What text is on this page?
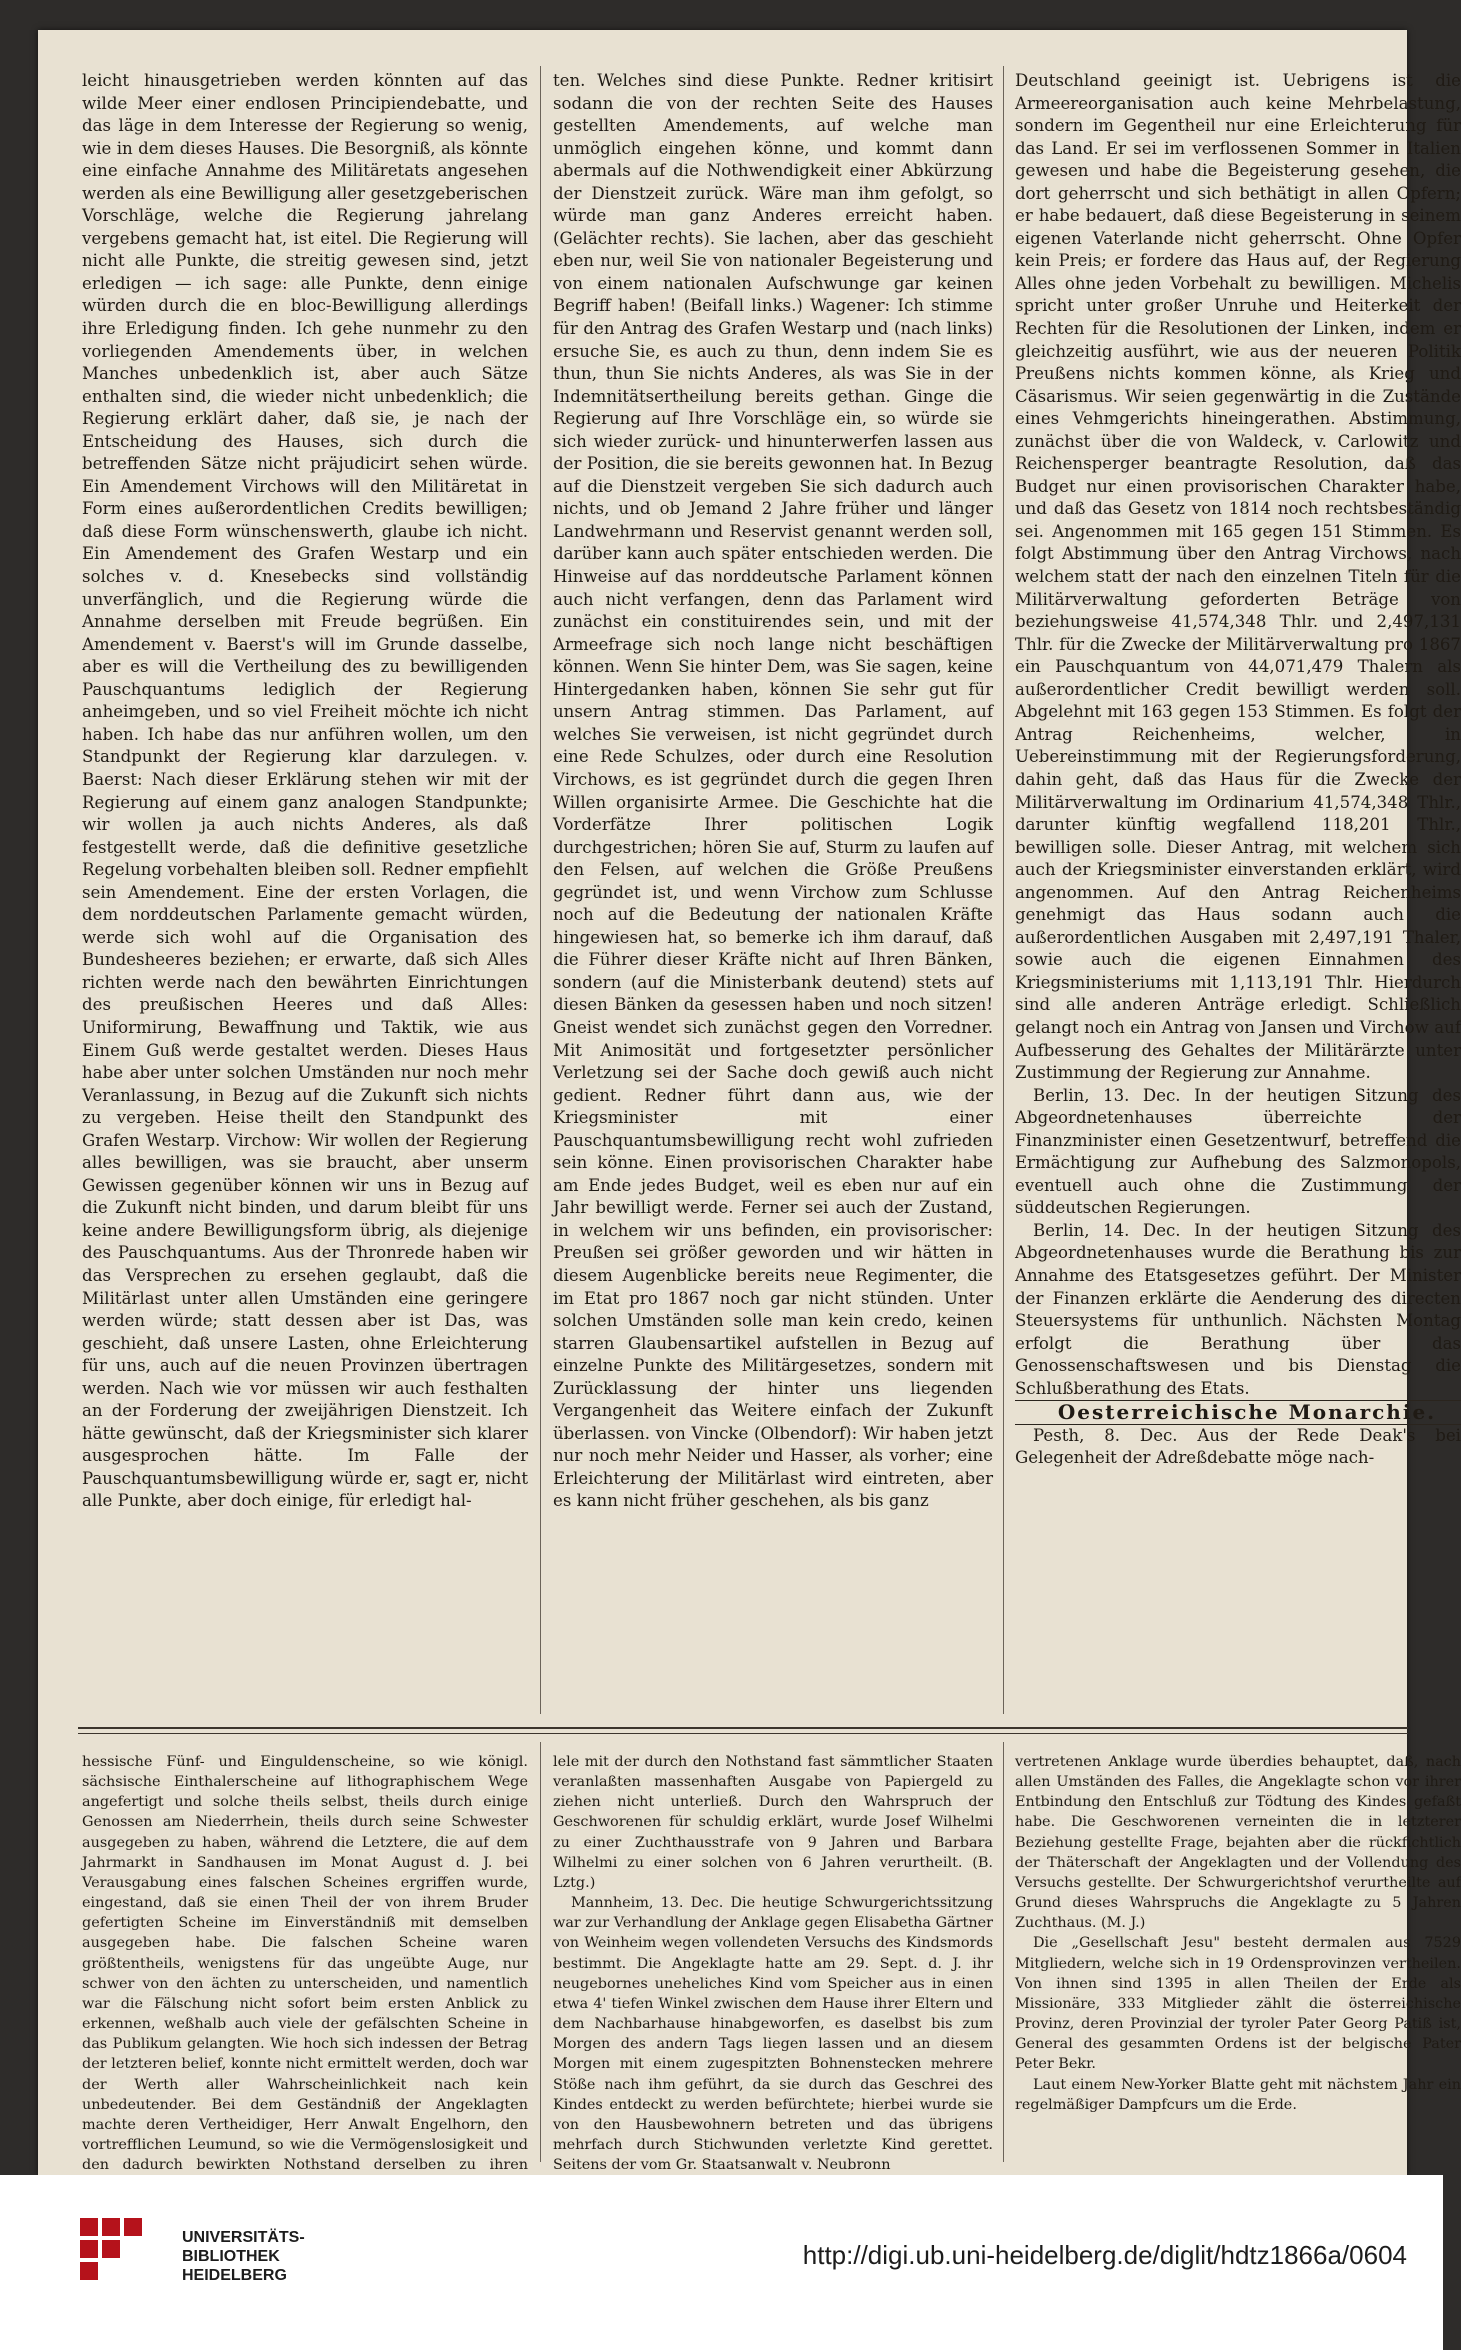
leicht hinausgetrieben werden könnten auf das wilde Meer einer endlosen Principiendebatte, und das läge in dem Interesse der Regierung so wenig, wie in dem dieses Hauses. Die Besorgniß, als könnte eine einfache Annahme des Militäretats angesehen werden als eine Bewilligung aller gesetzgeberischen Vorschläge, welche die Regierung jahrelang vergebens gemacht hat, ist eitel. Die Regierung will nicht alle Punkte, die streitig gewesen sind, jetzt erledigen — ich sage: alle Punkte, denn einige würden durch die en bloc-Bewilligung allerdings ihre Erledigung finden. Ich gehe nunmehr zu den vorliegenden Amendements über, in welchen Manches unbedenklich ist, aber auch Sätze enthalten sind, die wieder nicht unbedenklich; die Regierung erklärt daher, daß sie, je nach der Entscheidung des Hauses, sich durch die betreffenden Sätze nicht präjudicirt sehen würde. Ein Amendement Virchows will den Militäretat in Form eines außerordentlichen Credits bewilligen; daß diese Form wünschenswerth, glaube ich nicht. Ein Amendement des Grafen Westarp und ein solches v. d. Knesebecks sind vollständig unverfänglich, und die Regierung würde die Annahme derselben mit Freude begrüßen. Ein Amendement v. Baerst's will im Grunde dasselbe, aber es will die Vertheilung des zu bewilligenden Pauschquantums lediglich der Regierung anheimgeben, und so viel Freiheit möchte ich nicht haben. Ich habe das nur anführen wollen, um den Standpunkt der Regierung klar darzulegen. v. Baerst: Nach dieser Erklärung stehen wir mit der Regierung auf einem ganz analogen Standpunkte; wir wollen ja auch nichts Anderes, als daß festgestellt werde, daß die definitive gesetzliche Regelung vorbehalten bleiben soll. Redner empfiehlt sein Amendement. Eine der ersten Vorlagen, die dem norddeutschen Parlamente gemacht würden, werde sich wohl auf die Organisation des Bundesheeres beziehen; er erwarte, daß sich Alles richten werde nach den bewährten Einrichtungen des preußischen Heeres und daß Alles: Uniformirung, Bewaffnung und Taktik, wie aus Einem Guß werde gestaltet werden. Dieses Haus habe aber unter solchen Umständen nur noch mehr Veranlassung, in Bezug auf die Zukunft sich nichts zu vergeben. Heise theilt den Standpunkt des Grafen Westarp. Virchow: Wir wollen der Regierung alles bewilligen, was sie braucht, aber unserm Gewissen gegenüber können wir uns in Bezug auf die Zukunft nicht binden, und darum bleibt für uns keine andere Bewilligungsform übrig, als diejenige des Pauschquantums. Aus der Thronrede haben wir das Versprechen zu ersehen geglaubt, daß die Militärlast unter allen Umständen eine geringere werden würde; statt dessen aber ist Das, was geschieht, daß unsere Lasten, ohne Erleichterung für uns, auch auf die neuen Provinzen übertragen werden. Nach wie vor müssen wir auch festhalten an der Forderung der zweijährigen Dienstzeit. Ich hätte gewünscht, daß der Kriegsminister sich klarer ausgesprochen hätte. Im Falle der Pauschquantumsbewilligung würde er, sagt er, nicht alle Punkte, aber doch einige, für erledigt hal-

ten. Welches sind diese Punkte. Redner kritisirt sodann die von der rechten Seite des Hauses gestellten Amendements, auf welche man unmöglich eingehen könne, und kommt dann abermals auf die Nothwendigkeit einer Abkürzung der Dienstzeit zurück. Wäre man ihm gefolgt, so würde man ganz Anderes erreicht haben. (Gelächter rechts). Sie lachen, aber das geschieht eben nur, weil Sie von nationaler Begeisterung und von einem nationalen Aufschwunge gar keinen Begriff haben! (Beifall links.) Wagener: Ich stimme für den Antrag des Grafen Westarp und (nach links) ersuche Sie, es auch zu thun, denn indem Sie es thun, thun Sie nichts Anderes, als was Sie in der Indemnitätsertheilung bereits gethan. Ginge die Regierung auf Ihre Vorschläge ein, so würde sie sich wieder zurück- und hinunterwerfen lassen aus der Position, die sie bereits gewonnen hat. In Bezug auf die Dienstzeit vergeben Sie sich dadurch auch nichts, und ob Jemand 2 Jahre früher und länger Landwehrmann und Reservist genannt werden soll, darüber kann auch später entschieden werden. Die Hinweise auf das norddeutsche Parlament können auch nicht verfangen, denn das Parlament wird zunächst ein constituirendes sein, und mit der Armeefrage sich noch lange nicht beschäftigen können. Wenn Sie hinter Dem, was Sie sagen, keine Hintergedanken haben, können Sie sehr gut für unsern Antrag stimmen. Das Parlament, auf welches Sie verweisen, ist nicht gegründet durch eine Rede Schulzes, oder durch eine Resolution Virchows, es ist gegründet durch die gegen Ihren Willen organisirte Armee. Die Geschichte hat die Vorderfätze Ihrer politischen Logik durchgestrichen; hören Sie auf, Sturm zu laufen auf den Felsen, auf welchen die Größe Preußens gegründet ist, und wenn Virchow zum Schlusse noch auf die Bedeutung der nationalen Kräfte hingewiesen hat, so bemerke ich ihm darauf, daß die Führer dieser Kräfte nicht auf Ihren Bänken, sondern (auf die Ministerbank deutend) stets auf diesen Bänken da gesessen haben und noch sitzen! Gneist wendet sich zunächst gegen den Vorredner. Mit Animosität und fortgesetzter persönlicher Verletzung sei der Sache doch gewiß auch nicht gedient. Redner führt dann aus, wie der Kriegsminister mit einer Pauschquantumsbewilligung recht wohl zufrieden sein könne. Einen provisorischen Charakter habe am Ende jedes Budget, weil es eben nur auf ein Jahr bewilligt werde. Ferner sei auch der Zustand, in welchem wir uns befinden, ein provisorischer: Preußen sei größer geworden und wir hätten in diesem Augenblicke bereits neue Regimenter, die im Etat pro 1867 noch gar nicht stünden. Unter solchen Umständen solle man kein credo, keinen starren Glaubensartikel aufstellen in Bezug auf einzelne Punkte des Militärgesetzes, sondern mit Zurücklassung der hinter uns liegenden Vergangenheit das Weitere einfach der Zukunft überlassen. von Vincke (Olbendorf): Wir haben jetzt nur noch mehr Neider und Hasser, als vorher; eine Erleichterung der Militärlast wird eintreten, aber es kann nicht früher geschehen, als bis ganz

Deutschland geeinigt ist. Uebrigens ist die Armeereorganisation auch keine Mehrbelastung, sondern im Gegentheil nur eine Erleichterung für das Land. Er sei im verflossenen Sommer in Italien gewesen und habe die Begeisterung gesehen, die dort geherrscht und sich bethätigt in allen Opfern; er habe bedauert, daß diese Begeisterung in seinem eigenen Vaterlande nicht geherrscht. Ohne Opfer kein Preis; er fordere das Haus auf, der Regierung Alles ohne jeden Vorbehalt zu bewilligen. Michelis spricht unter großer Unruhe und Heiterkeit der Rechten für die Resolutionen der Linken, indem er gleichzeitig ausführt, wie aus der neueren Politik Preußens nichts kommen könne, als Krieg und Cäsarismus. Wir seien gegenwärtig in die Zustände eines Vehmgerichts hineingerathen. Abstimmung, zunächst über die von Waldeck, v. Carlowitz und Reichensperger beantragte Resolution, daß das Budget nur einen provisorischen Charakter habe, und daß das Gesetz von 1814 noch rechtsbeständig sei. Angenommen mit 165 gegen 151 Stimmen. Es folgt Abstimmung über den Antrag Virchows, nach welchem statt der nach den einzelnen Titeln für die Militärverwaltung geforderten Beträge von beziehungsweise 41,574,348 Thlr. und 2,497,131 Thlr. für die Zwecke der Militärverwaltung pro 1867 ein Pauschquantum von 44,071,479 Thalern als außerordentlicher Credit bewilligt werden soll. Abgelehnt mit 163 gegen 153 Stimmen. Es folgt der Antrag Reichenheims, welcher, in Uebereinstimmung mit der Regierungsforderung, dahin geht, daß das Haus für die Zwecke der Militärverwaltung im Ordinarium 41,574,348 Thlr., darunter künftig wegfallend 118,201 Thlr., bewilligen solle. Dieser Antrag, mit welchem sich auch der Kriegsminister einverstanden erklärt, wird angenommen. Auf den Antrag Reichenheims genehmigt das Haus sodann auch die außerordentlichen Ausgaben mit 2,497,191 Thaler, sowie auch die eigenen Einnahmen des Kriegsministeriums mit 1,113,191 Thlr. Hierdurch sind alle anderen Anträge erledigt. Schließlich gelangt noch ein Antrag von Jansen und Virchow auf Aufbesserung des Gehaltes der Militärärzte unter Zustimmung der Regierung zur Annahme.

Berlin, 13. Dec. In der heutigen Sitzung des Abgeordnetenhauses überreichte der Finanzminister einen Gesetzentwurf, betreffend die Ermächtigung zur Aufhebung des Salzmonopols, eventuell auch ohne die Zustimmung der süddeutschen Regierungen.

Berlin, 14. Dec. In der heutigen Sitzung des Abgeordnetenhauses wurde die Berathung bis zur Annahme des Etatsgesetzes geführt. Der Minister der Finanzen erklärte die Aenderung des directen Steuersystems für unthunlich. Nächsten Montag erfolgt die Berathung über das Genossenschaftswesen und bis Dienstag die Schlußberathung des Etats.

Oesterreichische Monarchie.

Pesth, 8. Dec. Aus der Rede Deak's bei Gelegenheit der Adreßdebatte möge nach-

hessische Fünf- und Einguldenscheine, so wie königl. sächsische Einthalerscheine auf lithographischem Wege angefertigt und solche theils selbst, theils durch einige Genossen am Niederrhein, theils durch seine Schwester ausgegeben zu haben, während die Letztere, die auf dem Jahrmarkt in Sandhausen im Monat August d. J. bei Verausgabung eines falschen Scheines ergriffen wurde, eingestand, daß sie einen Theil der von ihrem Bruder gefertigten Scheine im Einverständniß mit demselben ausgegeben habe. Die falschen Scheine waren größtentheils, wenigstens für das ungeübte Auge, nur schwer von den ächten zu unterscheiden, und namentlich war die Fälschung nicht sofort beim ersten Anblick zu erkennen, weßhalb auch viele der gefälschten Scheine in das Publikum gelangten. Wie hoch sich indessen der Betrag der letzteren belief, konnte nicht ermittelt werden, doch war der Werth aller Wahrscheinlichkeit nach kein unbedeutender. Bei dem Geständniß der Angeklagten machte deren Vertheidiger, Herr Anwalt Engelhorn, den vortrefflichen Leumund, so wie die Vermögenslosigkeit und den dadurch bewirkten Nothstand derselben zu ihren

lele mit der durch den Nothstand fast sämmtlicher Staaten veranlaßten massenhaften Ausgabe von Papiergeld zu ziehen nicht unterließ. Durch den Wahrspruch der Geschworenen für schuldig erklärt, wurde Josef Wilhelmi zu einer Zuchthausstrafe von 9 Jahren und Barbara Wilhelmi zu einer solchen von 6 Jahren verurtheilt. (B. Lztg.)

Mannheim, 13. Dec. Die heutige Schwurgerichtssitzung war zur Verhandlung der Anklage gegen Elisabetha Gärtner von Weinheim wegen vollendeten Versuchs des Kindsmords bestimmt. Die Angeklagte hatte am 29. Sept. d. J. ihr neugebornes uneheliches Kind vom Speicher aus in einen etwa 4' tiefen Winkel zwischen dem Hause ihrer Eltern und dem Nachbarhause hinabgeworfen, es daselbst bis zum Morgen des andern Tags liegen lassen und an diesem Morgen mit einem zugespitzten Bohnenstecken mehrere Stöße nach ihm geführt, da sie durch das Geschrei des Kindes entdeckt zu werden befürchtete; hierbei wurde sie von den Hausbewohnern betreten und das übrigens mehrfach durch Stichwunden verletzte Kind gerettet. Seitens der vom Gr. Staatsanwalt v. Neubronn

vertretenen Anklage wurde überdies behauptet, daß, nach allen Umständen des Falles, die Angeklagte schon vor ihrer Entbindung den Entschluß zur Tödtung des Kindes gefaßt habe. Die Geschworenen verneinten die in letzterer Beziehung gestellte Frage, bejahten aber die rückfichtlich der Thäterschaft der Angeklagten und der Vollendung des Versuchs gestellte. Der Schwurgerichtshof verurtheilte auf Grund dieses Wahrspruchs die Angeklagte zu 5 Jahren Zuchthaus. (M. J.)

Die „Gesellschaft Jesu" besteht dermalen aus 7529 Mitgliedern, welche sich in 19 Ordensprovinzen vertheilen. Von ihnen sind 1395 in allen Theilen der Erde als Missionäre, 333 Mitglieder zählt die österreichische Provinz, deren Provinzial der tyroler Pater Georg Patiß ist, General des gesammten Ordens ist der belgische Pater Peter Bekr.

Laut einem New-Yorker Blatte geht mit nächstem Jahr ein regelmäßiger Dampfcurs um die Erde.

UNIVERSITÄTS-
BIBLIOTHEK
HEIDELBERG
http://digi.ub.uni-heidelberg.de/diglit/hdtz1866a/0604
